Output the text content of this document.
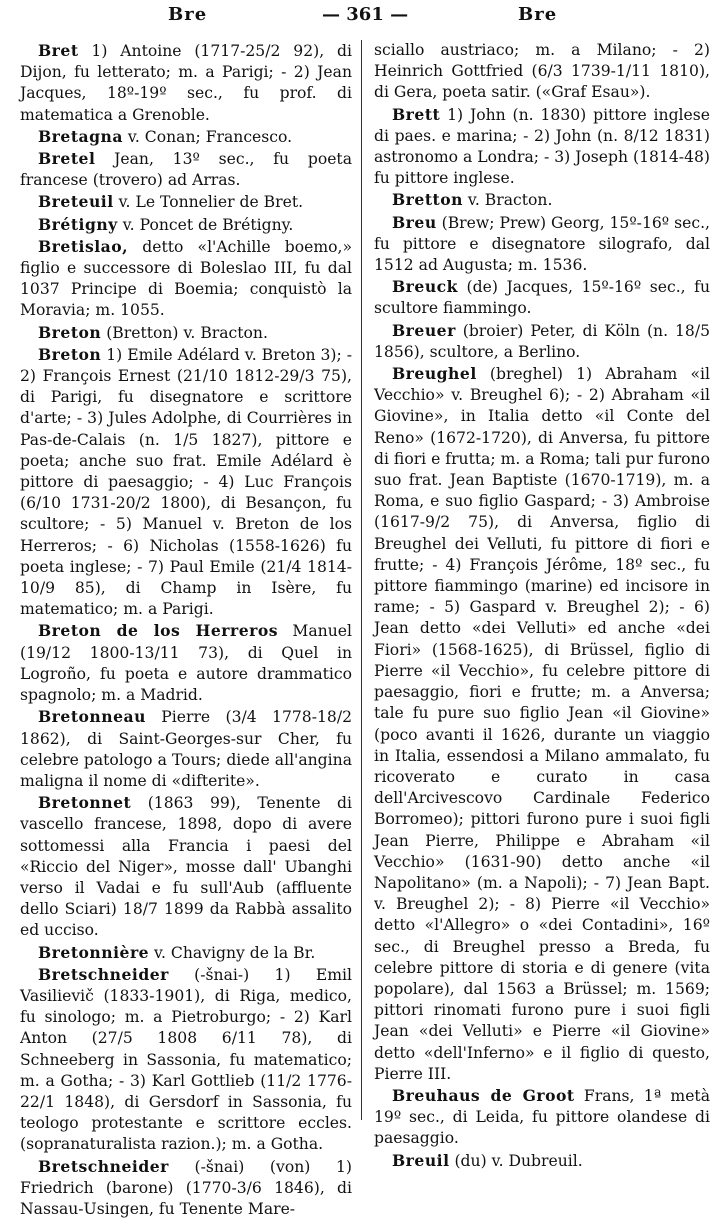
Bre	— 361 —	Bre

Bret 1) Antoine (1717-25/2 92), di Dijon, fu letterato; m. a Parigi; - 2) Jean Jacques, 18º-19º sec., fu prof. di matematica a Grenoble.

Bretagna v. Conan; Francesco.

Bretel Jean, 13º sec., fu poeta francese (trovero) ad Arras.

Breteuil v. Le Tonnelier de Bret.

Brétigny v. Poncet de Brétigny.

Bretislao, detto «l'Achille boemo,» figlio e successore di Boleslao III, fu dal 1037 Principe di Boemia; conquistò la Moravia; m. 1055.

Breton (Bretton) v. Bracton.

Breton 1) Emile Adélard v. Breton 3); - 2) François Ernest (21/10 1812-29/3 75), di Parigi, fu disegnatore e scrittore d'arte; - 3) Jules Adolphe, di Courrières in Pas-de-Calais (n. 1/5 1827), pittore e poeta; anche suo frat. Emile Adélard è pittore di paesaggio; - 4) Luc François (6/10 1731-20/2 1800), di Besançon, fu scultore; - 5) Manuel v. Breton de los Herreros; - 6) Nicholas (1558-1626) fu poeta inglese; - 7) Paul Emile (21/4 1814-10/9 85), di Champ in Isère, fu matematico; m. a Parigi.

Breton de los Herreros Manuel (19/12 1800-13/11 73), di Quel in Logroño, fu poeta e autore drammatico spagnolo; m. a Madrid.

Bretonneau Pierre (3/4 1778-18/2 1862), di Saint-Georges-sur Cher, fu celebre patologo a Tours; diede all'angina maligna il nome di «difterite».

Bretonnet (1863 99), Tenente di vascello francese, 1898, dopo di avere sottomessi alla Francia i paesi del «Riccio del Niger», mosse dall' Ubanghi verso il Vadai e fu sull'Aub (affluente dello Sciari) 18/7 1899 da Rabbà assalito ed ucciso.

Bretonnière v. Chavigny de la Br.

Bretschneider (-šnai-) 1) Emil Vasilievič (1833-1901), di Riga, medico, fu sinologo; m. a Pietroburgo; - 2) Karl Anton (27/5 1808 6/11 78), di Schneeberg in Sassonia, fu matematico; m. a Gotha; - 3) Karl Gottlieb (11/2 1776-22/1 1848), di Gersdorf in Sassonia, fu teologo protestante e scrittore eccles. (sopranaturalista razion.); m. a Gotha.

Bretschneider (-šnai) (von) 1) Friedrich (barone) (1770-3/6 1846), di Nassau-Usingen, fu Tenente Mare-

sciallo austriaco; m. a Milano; - 2) Heinrich Gottfried (6/3 1739-1/11 1810), di Gera, poeta satir. («Graf Esau»).

Brett 1) John (n. 1830) pittore inglese di paes. e marina; - 2) John (n. 8/12 1831) astronomo a Londra; - 3) Joseph (1814-48) fu pittore inglese.

Bretton v. Bracton.

Breu (Brew; Prew) Georg, 15º-16º sec., fu pittore e disegnatore silografo, dal 1512 ad Augusta; m. 1536.

Breuck (de) Jacques, 15º-16º sec., fu scultore fiammingo.

Breuer (broier) Peter, di Köln (n. 18/5 1856), scultore, a Berlino.

Breughel (breghel) 1) Abraham «il Vecchio» v. Breughel 6); - 2) Abraham «il Giovine», in Italia detto «il Conte del Reno» (1672-1720), di Anversa, fu pittore di fiori e frutta; m. a Roma; tali pur furono suo frat. Jean Baptiste (1670-1719), m. a Roma, e suo figlio Gaspard; - 3) Ambroise (1617-9/2 75), di Anversa, figlio di Breughel dei Velluti, fu pittore di fiori e frutte; - 4) François Jérôme, 18º sec., fu pittore fiammingo (marine) ed incisore in rame; - 5) Gaspard v. Breughel 2); - 6) Jean detto «dei Velluti» ed anche «dei Fiori» (1568-1625), di Brüssel, figlio di Pierre «il Vecchio», fu celebre pittore di paesaggio, fiori e frutte; m. a Anversa; tale fu pure suo figlio Jean «il Giovine» (poco avanti il 1626, durante un viaggio in Italia, essendosi a Milano ammalato, fu ricoverato e curato in casa dell'Arcivescovo Cardinale Federico Borromeo); pittori furono pure i suoi figli Jean Pierre, Philippe e Abraham «il Vecchio» (1631-90) detto anche «il Napolitano» (m. a Napoli); - 7) Jean Bapt. v. Breughel 2); - 8) Pierre «il Vecchio» detto «l'Allegro» o «dei Contadini», 16º sec., di Breughel presso a Breda, fu celebre pittore di storia e di genere (vita popolare), dal 1563 a Brüssel; m. 1569; pittori rinomati furono pure i suoi figli Jean «dei Velluti» e Pierre «il Giovine» detto «dell'Inferno» e il figlio di questo, Pierre III.

Breuhaus de Groot Frans, 1ª metà 19º sec., di Leida, fu pittore olandese di paesaggio.

Breuil (du) v. Dubreuil.
